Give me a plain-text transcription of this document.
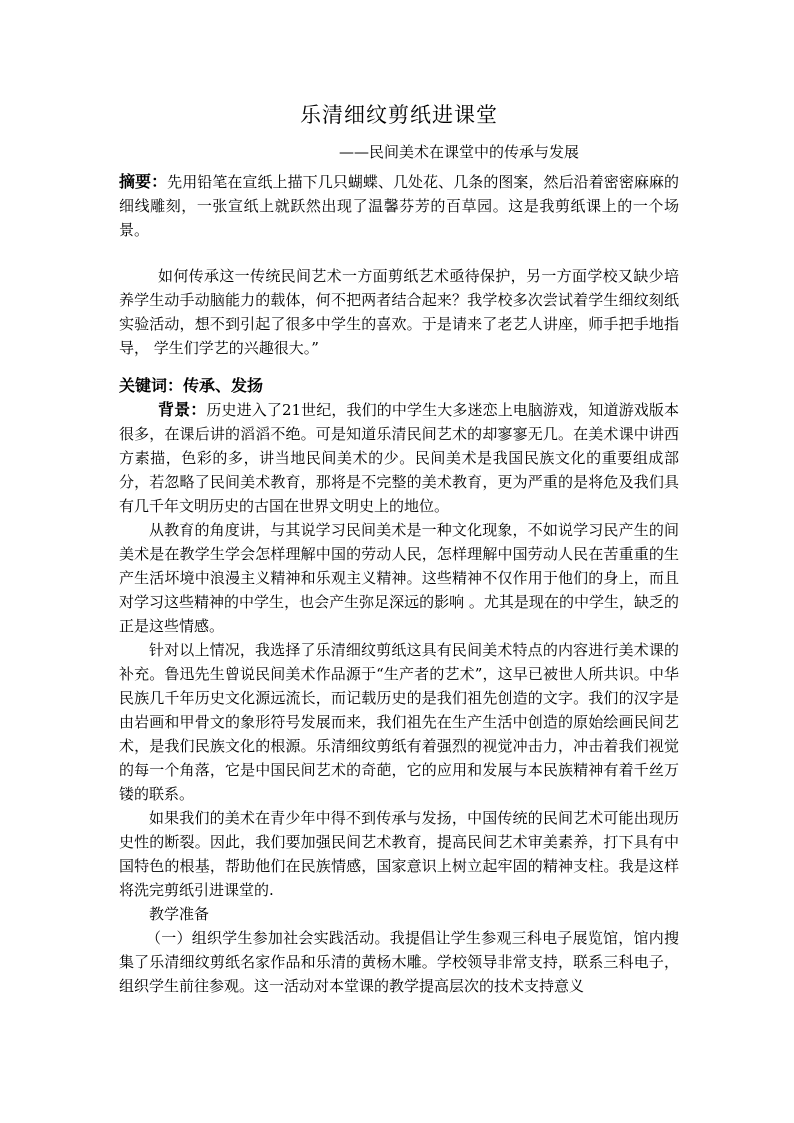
乐清细纹剪纸进课堂
——民间美术在课堂中的传承与发展

摘要：先用铅笔在宣纸上描下几只蝴蝶、几处花、几条的图案，然后沿着密密麻麻的细线雕刻，一张宣纸上就跃然出现了温馨芬芳的百草园。这是我剪纸课上的一个场景。

如何传承这一传统民间艺术一方面剪纸艺术亟待保护，另一方面学校又缺少培养学生动手动脑能力的载体，何不把两者结合起来？我学校多次尝试着学生细纹刻纸实验活动，想不到引起了很多中学生的喜欢。于是请来了老艺人讲座，师手把手地指导， 学生们学艺的兴趣很大。”

关键词：传承、发扬

背景：历史进入了21世纪，我们的中学生大多迷恋上电脑游戏，知道游戏版本很多，在课后讲的滔滔不绝。可是知道乐清民间艺术的却寥寥无几。在美术课中讲西方素描，色彩的多，讲当地民间美术的少。民间美术是我国民族文化的重要组成部分，若忽略了民间美术教育，那将是不完整的美术教育，更为严重的是将危及我们具有几千年文明历史的古国在世界文明史上的地位。

从教育的角度讲，与其说学习民间美术是一种文化现象，不如说学习民产生的间美术是在教学生学会怎样理解中国的劳动人民，怎样理解中国劳动人民在苦重重的生产生活坏境中浪漫主义精神和乐观主义精神。这些精神不仅作用于他们的身上，而且对学习这些精神的中学生，也会产生弥足深远的影响 。尤其是现在的中学生，缺乏的正是这些情感。

针对以上情况，我选择了乐清细纹剪纸这具有民间美术特点的内容进行美术课的补充。鲁迅先生曾说民间美术作品源于“生产者的艺术”，这早已被世人所共识。中华民族几千年历史文化源远流长，而记载历史的是我们祖先创造的文字。我们的汉字是由岩画和甲骨文的象形符号发展而来，我们祖先在生产生活中创造的原始绘画民间艺术，是我们民族文化的根源。乐清细纹剪纸有着强烈的视觉冲击力，冲击着我们视觉的每一个角落，它是中国民间艺术的奇葩，它的应用和发展与本民族精神有着千丝万镂的联系。

如果我们的美术在青少年中得不到传承与发扬，中国传统的民间艺术可能出现历史性的断裂。因此，我们要加强民间艺术教育，提高民间艺术审美素养，打下具有中国特色的根基，帮助他们在民族情感，国家意识上树立起牢固的精神支柱。我是这样将洗完剪纸引进课堂的.

教学准备

（一）组织学生参加社会实践活动。我提倡让学生参观三科电子展览馆，馆内搜集了乐清细纹剪纸名家作品和乐清的黄杨木雕。学校领导非常支持，联系三科电子，组织学生前往参观。这一活动对本堂课的教学提高层次的技术支持意义
